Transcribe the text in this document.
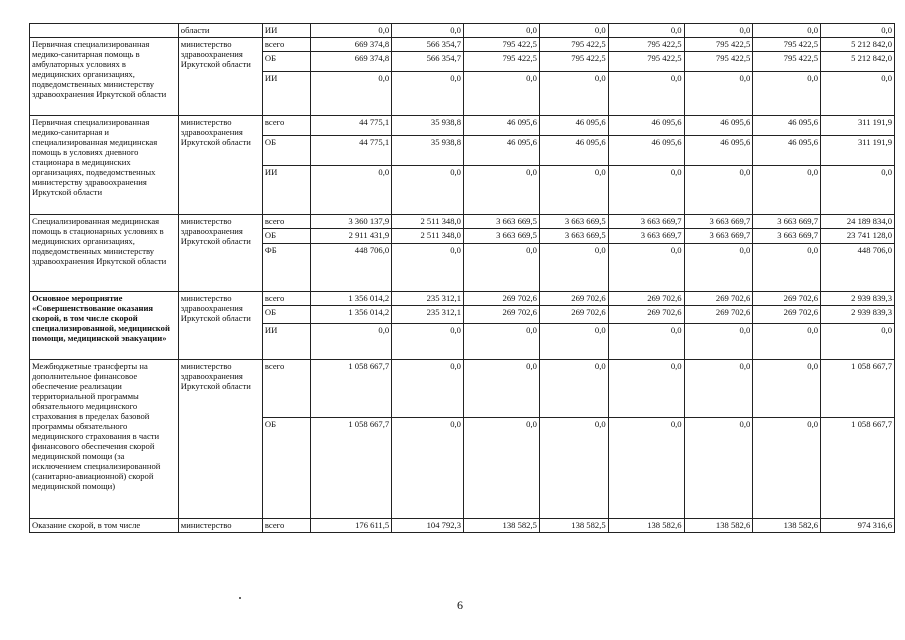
	области	ИИ	0,0	0,0	0,0	0,0	0,0	0,0	0,0	0,0
Первичная специализированная медико-санитарная помощь в амбулаторных условиях в медицинских организациях, подведомственных министерству здравоохранения Иркутской области	министерство здравоохранения Иркутской области	всего	669 374,8	566 354,7	795 422,5	795 422,5	795 422,5	795 422,5	795 422,5	5 212 842,0
		ОБ	669 374,8	566 354,7	795 422,5	795 422,5	795 422,5	795 422,5	795 422,5	5 212 842,0
		ИИ	0,0	0,0	0,0	0,0	0,0	0,0	0,0	0,0
Первичная специализированная медико-санитарная и специализированная медицинская помощь в условиях дневного стационара в медицинских организациях, подведомственных министерству здравоохранения Иркутской области	министерство здравоохранения Иркутской области	всего	44 775,1	35 938,8	46 095,6	46 095,6	46 095,6	46 095,6	46 095,6	311 191,9
		ОБ	44 775,1	35 938,8	46 095,6	46 095,6	46 095,6	46 095,6	46 095,6	311 191,9
		ИИ	0,0	0,0	0,0	0,0	0,0	0,0	0,0	0,0
Специализированная медицинская помощь в стационарных условиях в медицинских организациях, подведомственных министерству здравоохранения Иркутской области	министерство здравоохранения Иркутской области	всего	3 360 137,9	2 511 348,0	3 663 669,5	3 663 669,5	3 663 669,7	3 663 669,7	3 663 669,7	24 189 834,0
		ОБ	2 911 431,9	2 511 348,0	3 663 669,5	3 663 669,5	3 663 669,7	3 663 669,7	3 663 669,7	23 741 128,0
		ФБ	448 706,0	0,0	0,0	0,0	0,0	0,0	0,0	448 706,0
Основное мероприятие «Совершенствование оказания скорой, в том числе скорой специализированной, медицинской помощи, медицинской эвакуации»	министерство здравоохранения Иркутской области	всего	1 356 014,2	235 312,1	269 702,6	269 702,6	269 702,6	269 702,6	269 702,6	2 939 839,3
		ОБ	1 356 014,2	235 312,1	269 702,6	269 702,6	269 702,6	269 702,6	269 702,6	2 939 839,3
		ИИ	0,0	0,0	0,0	0,0	0,0	0,0	0,0	0,0
Межбюджетные трансферты на дополнительное финансовое обеспечение реализации территориальной программы обязательного медицинского страхования в пределах базовой программы обязательного медицинского страхования в части финансового обеспечения скорой медицинской помощи (за исключением специализированной (санитарно-авиационной) скорой медицинской помощи)	министерство здравоохранения Иркутской области	всего	1 058 667,7	0,0	0,0	0,0	0,0	0,0	0,0	1 058 667,7
		ОБ	1 058 667,7	0,0	0,0	0,0	0,0	0,0	0,0	1 058 667,7
Оказание скорой, в том числе	министерство	всего	176 611,5	104 792,3	138 582,5	138 582,5	138 582,6	138 582,6	138 582,6	974 316,6
6
